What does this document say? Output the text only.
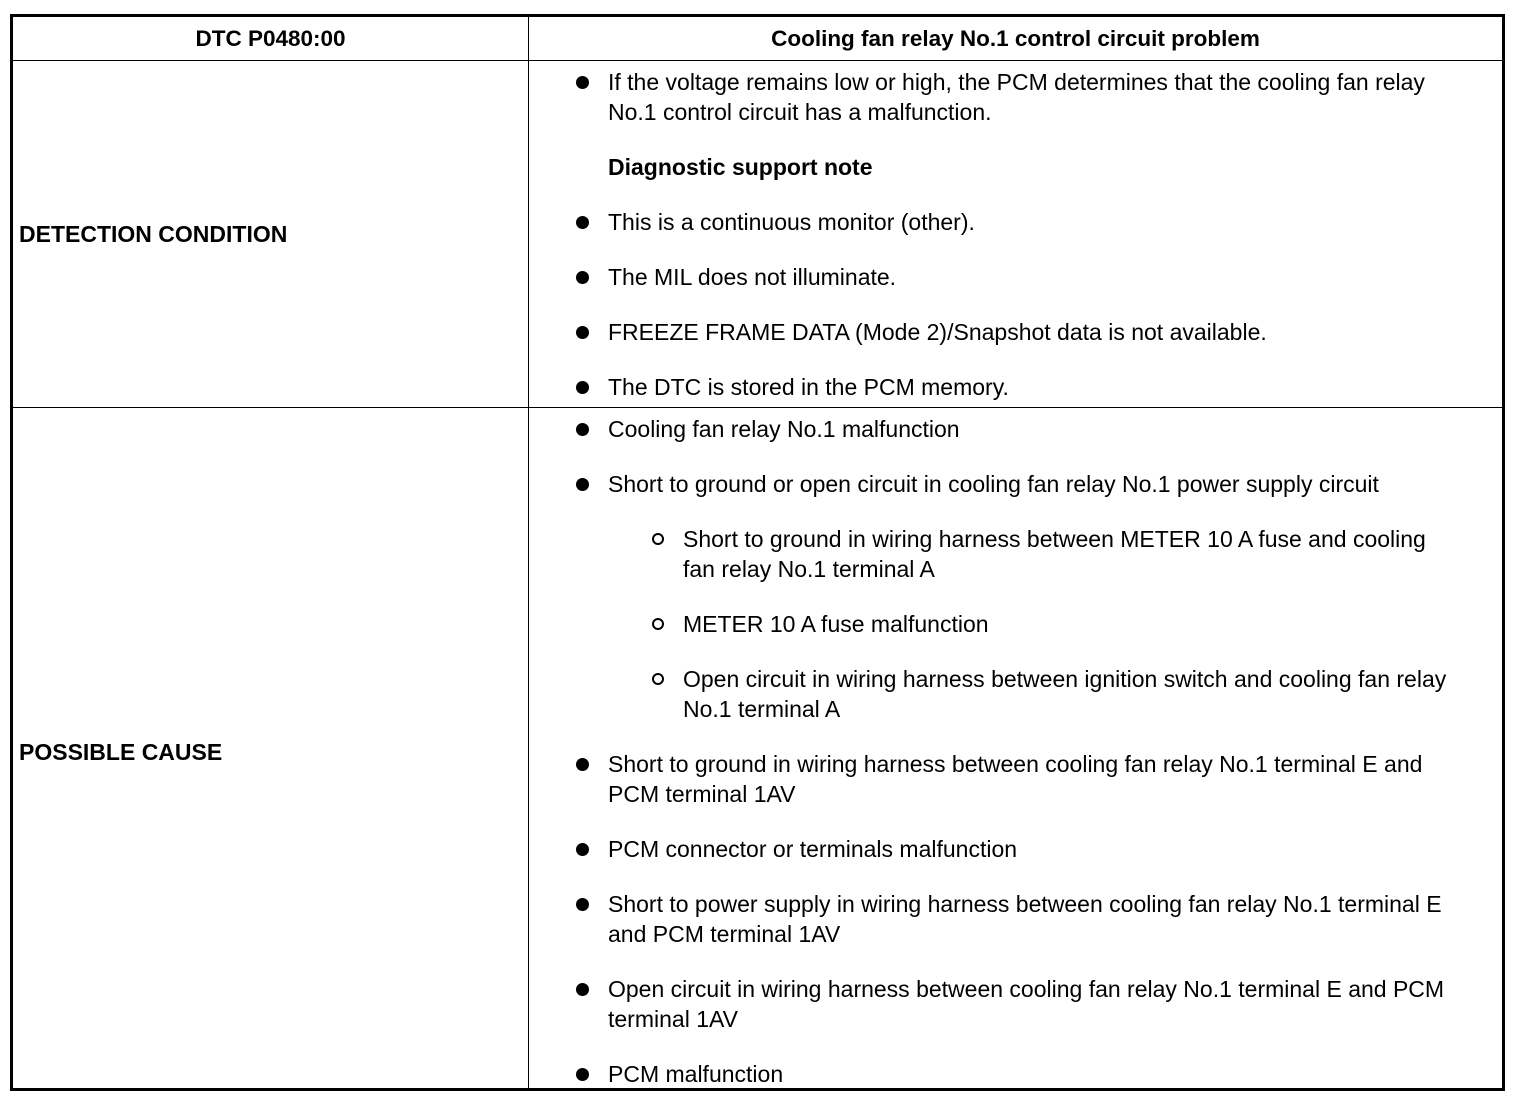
DTC P0480:00	Cooling fan relay No.1 control circuit problem
DETECTION CONDITION
If the voltage remains low or high, the PCM determines that the cooling fan relay No.1 control circuit has a malfunction.
Diagnostic support note
This is a continuous monitor (other).
The MIL does not illuminate.
FREEZE FRAME DATA (Mode 2)/Snapshot data is not available.
The DTC is stored in the PCM memory.
POSSIBLE CAUSE
Cooling fan relay No.1 malfunction
Short to ground or open circuit in cooling fan relay No.1 power supply circuit
Short to ground in wiring harness between METER 10 A fuse and cooling fan relay No.1 terminal A
METER 10 A fuse malfunction
Open circuit in wiring harness between ignition switch and cooling fan relay No.1 terminal A
Short to ground in wiring harness between cooling fan relay No.1 terminal E and PCM terminal 1AV
PCM connector or terminals malfunction
Short to power supply in wiring harness between cooling fan relay No.1 terminal E and PCM terminal 1AV
Open circuit in wiring harness between cooling fan relay No.1 terminal E and PCM terminal 1AV
PCM malfunction
